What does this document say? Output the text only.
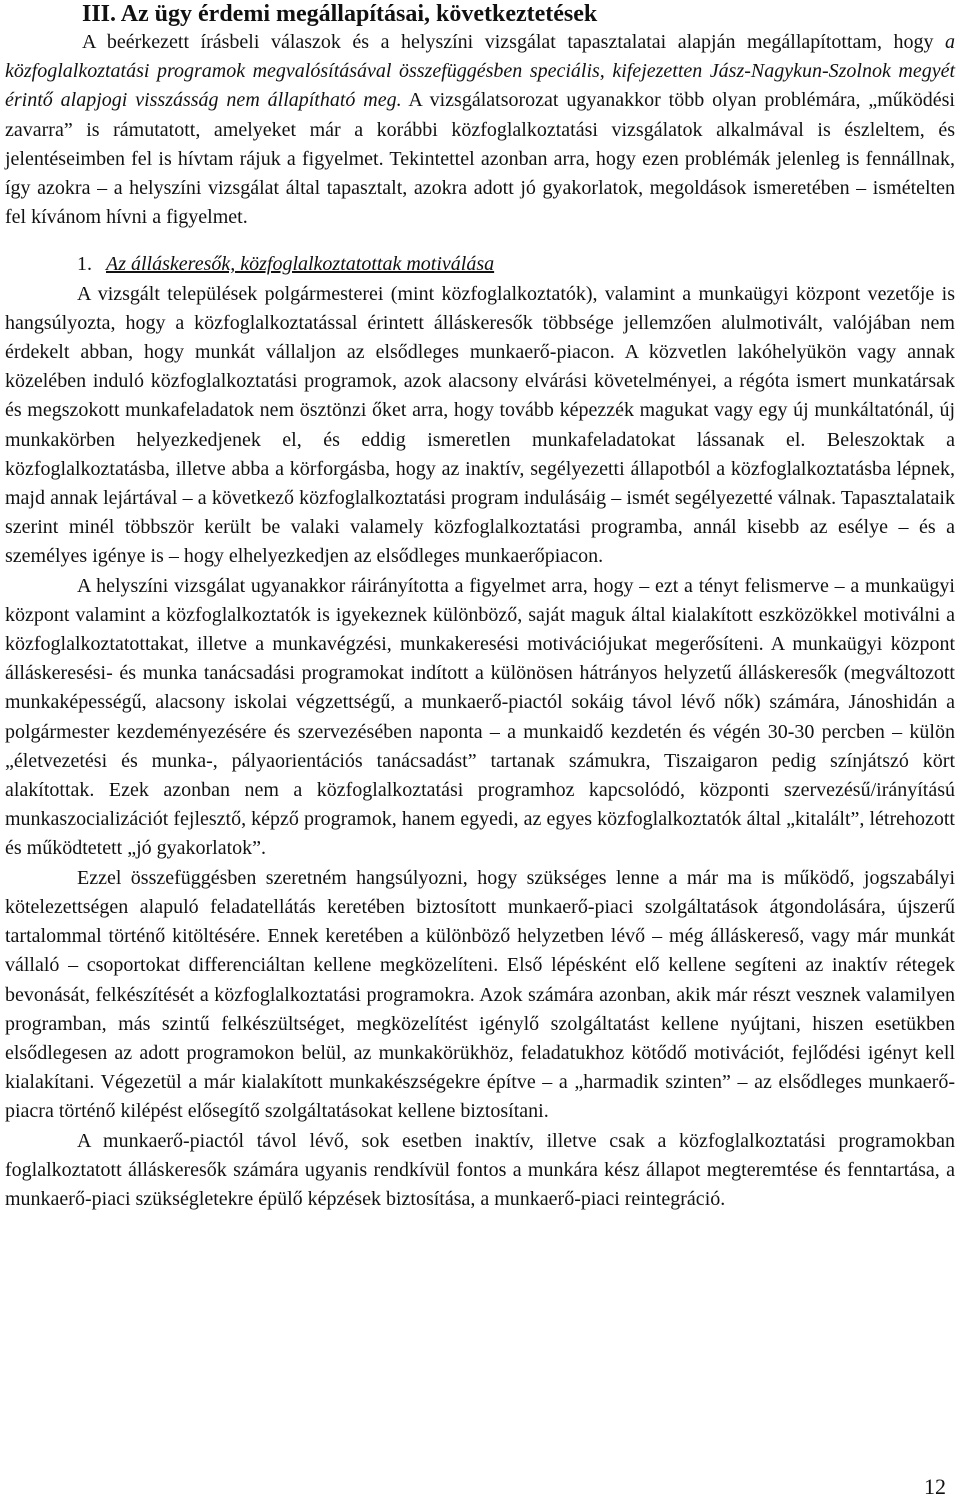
III. Az ügy érdemi megállapításai, következtetések

A beérkezett írásbeli válaszok és a helyszíni vizsgálat tapasztalatai alapján megállapítottam, hogy a közfoglalkoztatási programok megvalósításával összefüggésben speciális, kifejezetten Jász-Nagykun-Szolnok megyét érintő alapjogi visszásság nem állapítható meg. A vizsgálatsorozat ugyanakkor több olyan problémára, „működési zavarra” is rámutatott, amelyeket már a korábbi közfoglalkoztatási vizsgálatok alkalmával is észleltem, és jelentéseimben fel is hívtam rájuk a figyelmet. Tekintettel azonban arra, hogy ezen problémák jelenleg is fennállnak, így azokra – a helyszíni vizsgálat által tapasztalt, azokra adott jó gyakorlatok, megoldások ismeretében – ismételten fel kívánom hívni a figyelmet.

1. Az álláskeresők, közfoglalkoztatottak motiválása

A vizsgált települések polgármesterei (mint közfoglalkoztatók), valamint a munkaügyi központ vezetője is hangsúlyozta, hogy a közfoglalkoztatással érintett álláskeresők többsége jellemzően alulmotivált, valójában nem érdekelt abban, hogy munkát vállaljon az elsődleges munkaerő-piacon. A közvetlen lakóhelyükön vagy annak közelében induló közfoglalkoztatási programok, azok alacsony elvárási követelményei, a régóta ismert munkatársak és megszokott munkafeladatok nem ösztönzi őket arra, hogy tovább képezzék magukat vagy egy új munkáltatónál, új munkakörben helyezkedjenek el, és eddig ismeretlen munkafeladatokat lássanak el. Beleszoktak a közfoglalkoztatásba, illetve abba a körforgásba, hogy az inaktív, segélyezetti állapotból a közfoglalkoztatásba lépnek, majd annak lejártával – a következő közfoglalkoztatási program indulásáig – ismét segélyezetté válnak. Tapasztalataik szerint minél többször került be valaki valamely közfoglalkoztatási programba, annál kisebb az esélye – és a személyes igénye is – hogy elhelyezkedjen az elsődleges munkaerőpiacon.

A helyszíni vizsgálat ugyanakkor ráirányította a figyelmet arra, hogy – ezt a tényt felismerve – a munkaügyi központ valamint a közfoglalkoztatók is igyekeznek különböző, saját maguk által kialakított eszközökkel motiválni a közfoglalkoztatottakat, illetve a munkavégzési, munkakeresési motivációjukat megerősíteni. A munkaügyi központ álláskeresési- és munka tanácsadási programokat indított a különösen hátrányos helyzetű álláskeresők (megváltozott munkaképességű, alacsony iskolai végzettségű, a munkaerő-piactól sokáig távol lévő nők) számára, Jánoshidán a polgármester kezdeményezésére és szervezésében naponta – a munkaidő kezdetén és végén 30-30 percben – külön „életvezetési és munka-, pályaorientációs tanácsadást” tartanak számukra, Tiszaigaron pedig színjátszó kört alakítottak. Ezek azonban nem a közfoglalkoztatási programhoz kapcsolódó, központi szervezésű/irányítású munkaszocializációt fejlesztő, képző programok, hanem egyedi, az egyes közfoglalkoztatók által „kitalált”, létrehozott és működtetett „jó gyakorlatok”.

Ezzel összefüggésben szeretném hangsúlyozni, hogy szükséges lenne a már ma is működő, jogszabályi kötelezettségen alapuló feladatellátás keretében biztosított munkaerő-piaci szolgáltatások átgondolására, újszerű tartalommal történő kitöltésére. Ennek keretében a különböző helyzetben lévő – még álláskereső, vagy már munkát vállaló – csoportokat differenciáltan kellene megközelíteni. Első lépésként elő kellene segíteni az inaktív rétegek bevonását, felkészítését a közfoglalkoztatási programokra. Azok számára azonban, akik már részt vesznek valamilyen programban, más szintű felkészültséget, megközelítést igénylő szolgáltatást kellene nyújtani, hiszen esetükben elsődlegesen az adott programokon belül, az munkakörükhöz, feladatukhoz kötődő motivációt, fejlődési igényt kell kialakítani. Végezetül a már kialakított munkakészségekre építve – a „harmadik szinten” – az elsődleges munkaerő-piacra történő kilépést elősegítő szolgáltatásokat kellene biztosítani.

A munkaerő-piactól távol lévő, sok esetben inaktív, illetve csak a közfoglalkoztatási programokban foglalkoztatott álláskeresők számára ugyanis rendkívül fontos a munkára kész állapot megteremtése és fenntartása, a munkaerő-piaci szükségletekre épülő képzések biztosítása, a munkaerő-piaci reintegráció.

12
